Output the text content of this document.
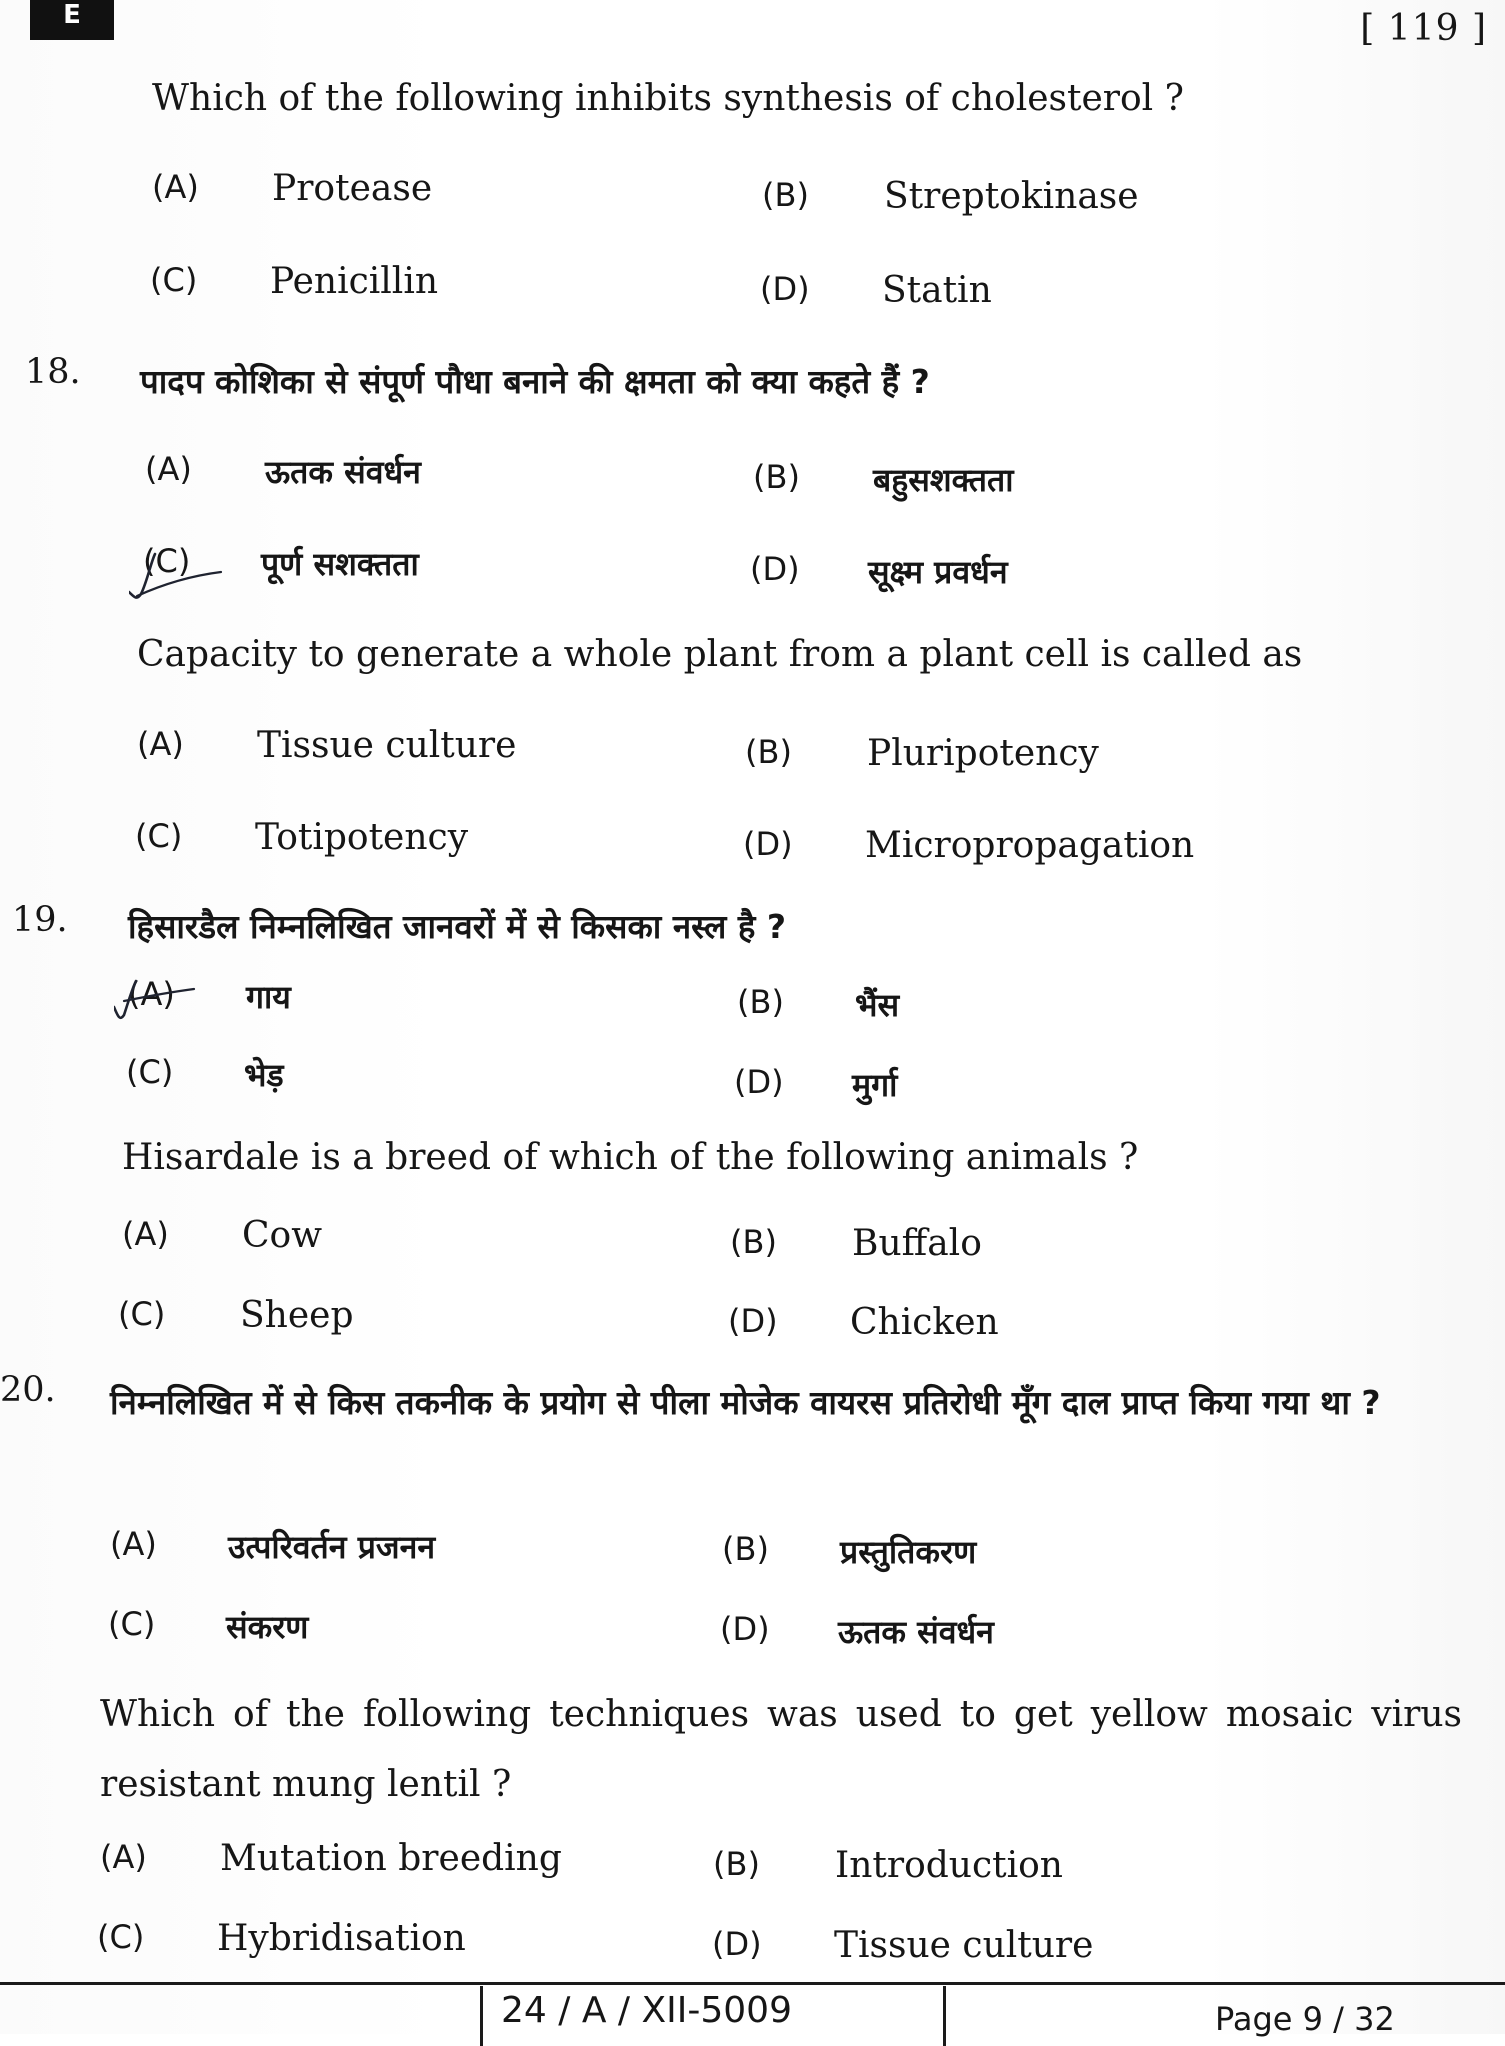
E	[ 119 ]
Which of the following inhibits synthesis of cholesterol ?
(A) Protease	(B) Streptokinase
(C) Penicillin	(D) Statin
18. पादप कोशिका से संपूर्ण पौधा बनाने की क्षमता को क्या कहते हैं ?
(A) ऊतक संवर्धन	(B) बहुसशक्तता
(C) पूर्ण सशक्तता	(D) सूक्ष्म प्रवर्धन
Capacity to generate a whole plant from a plant cell is called as
(A) Tissue culture	(B) Pluripotency
(C) Totipotency	(D) Micropropagation
19. हिसारडैल निम्नलिखित जानवरों में से किसका नस्ल है ?
(A) गाय	(B) भैंस
(C) भेड़	(D) मुर्गा
Hisardale is a breed of which of the following animals ?
(A) Cow	(B) Buffalo
(C) Sheep	(D) Chicken
20. निम्नलिखित में से किस तकनीक के प्रयोग से पीला मोजेक वायरस प्रतिरोधी मूँग दाल प्राप्त किया गया था ?
(A) उत्परिवर्तन प्रजनन	(B) प्रस्तुतिकरण
(C) संकरण	(D) ऊतक संवर्धन
Which of the following techniques was used to get yellow mosaic virus resistant mung lentil ?
(A) Mutation breeding	(B) Introduction
(C) Hybridisation	(D) Tissue culture
24 / A / XII-5009	Page 9 / 32
